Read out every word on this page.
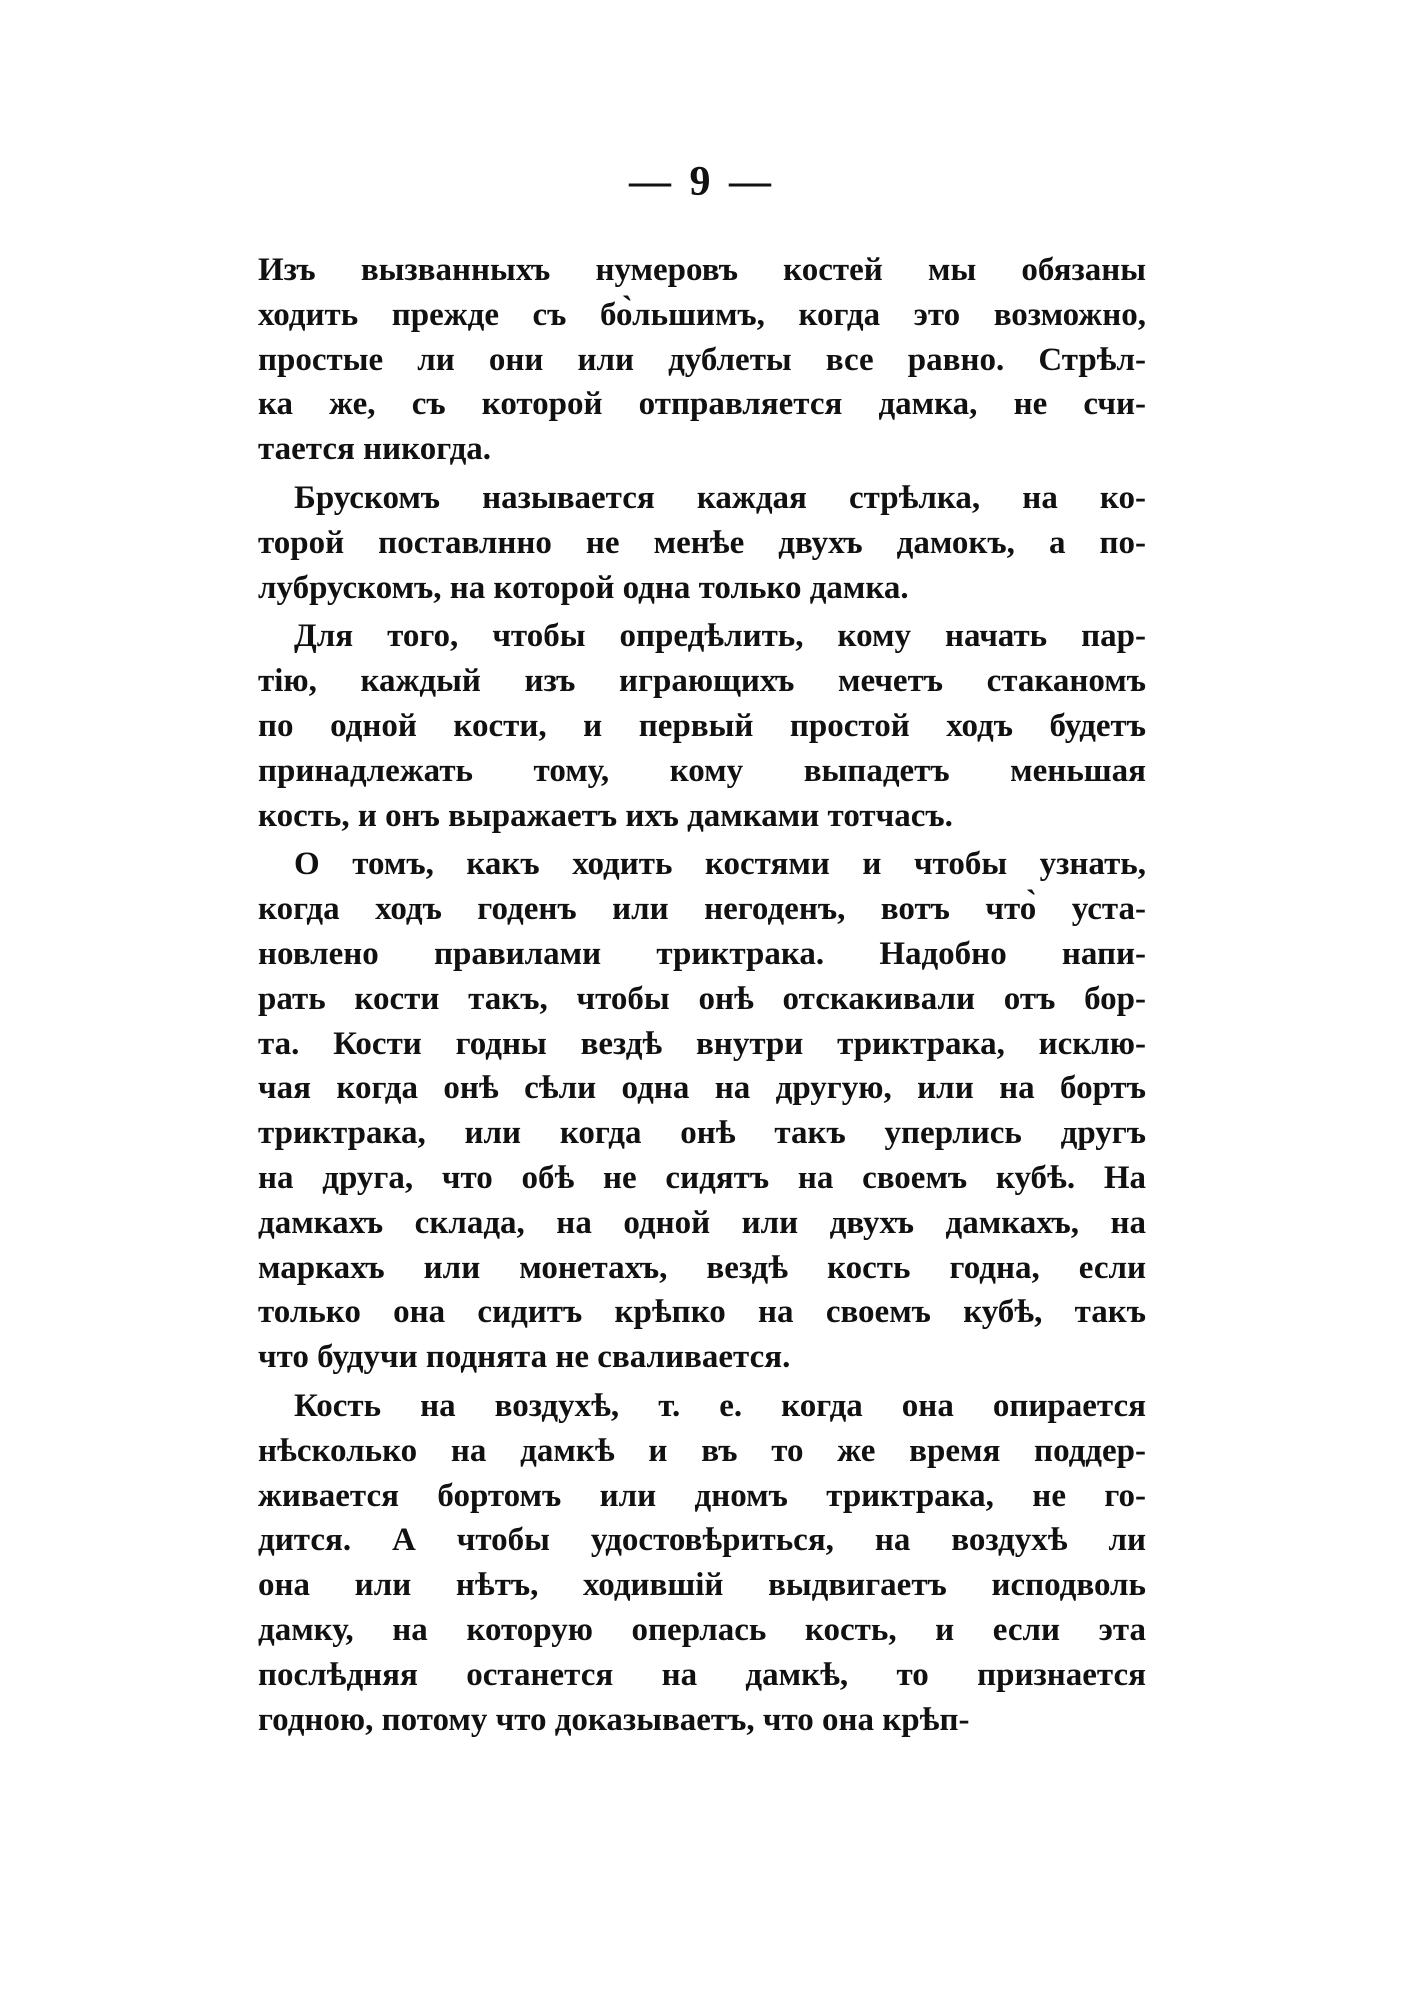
— 9 —
Изъ вызванныхъ нумеровъ костей мы обязаны
ходить прежде съ бо̀льшимъ, когда это возможно,
простые ли они или дублеты все равно. Стрѣл-
ка же, съ которой отправляется дамка, не счи-
тается никогда.
Брускомъ называется каждая стрѣлка, на ко-
торой поставлнно не менѣе двухъ дамокъ, а по-
лубрускомъ, на которой одна только дамка.
Для того, чтобы опредѣлить, кому начать пар-
тію, каждый изъ играющихъ мечетъ стаканомъ
по одной кости, и первый простой ходъ будетъ
принадлежать тому, кому выпадетъ меньшая
кость, и онъ выражаетъ ихъ дамками тотчасъ.
О томъ, какъ ходить костями и чтобы узнать,
когда ходъ годенъ или негоденъ, вотъ что̀ уста-
новлено правилами триктрака. Надобно напи-
рать кости такъ, чтобы онѣ отскакивали отъ бор-
та. Кости годны вездѣ внутри триктрака, исклю-
чая когда онѣ сѣли одна на другую, или на бортъ
триктрака, или когда онѣ такъ уперлись другъ
на друга, что обѣ не сидятъ на своемъ кубѣ. На
дамкахъ склада, на одной или двухъ дамкахъ, на
маркахъ или монетахъ, вездѣ кость годна, если
только она сидитъ крѣпко на своемъ кубѣ, такъ
что будучи поднята не сваливается.
Кость на воздухѣ, т. е. когда она опирается
нѣсколько на дамкѣ и въ то же время поддер-
живается бортомъ или дномъ триктрака, не го-
дится. А чтобы удостовѣриться, на воздухѣ ли
она или нѣтъ, ходившій выдвигаетъ исподволь
дамку, на которую оперлась кость, и если эта
послѣдняя останется на дамкѣ, то признается
годною, потому что доказываетъ, что она крѣп-
